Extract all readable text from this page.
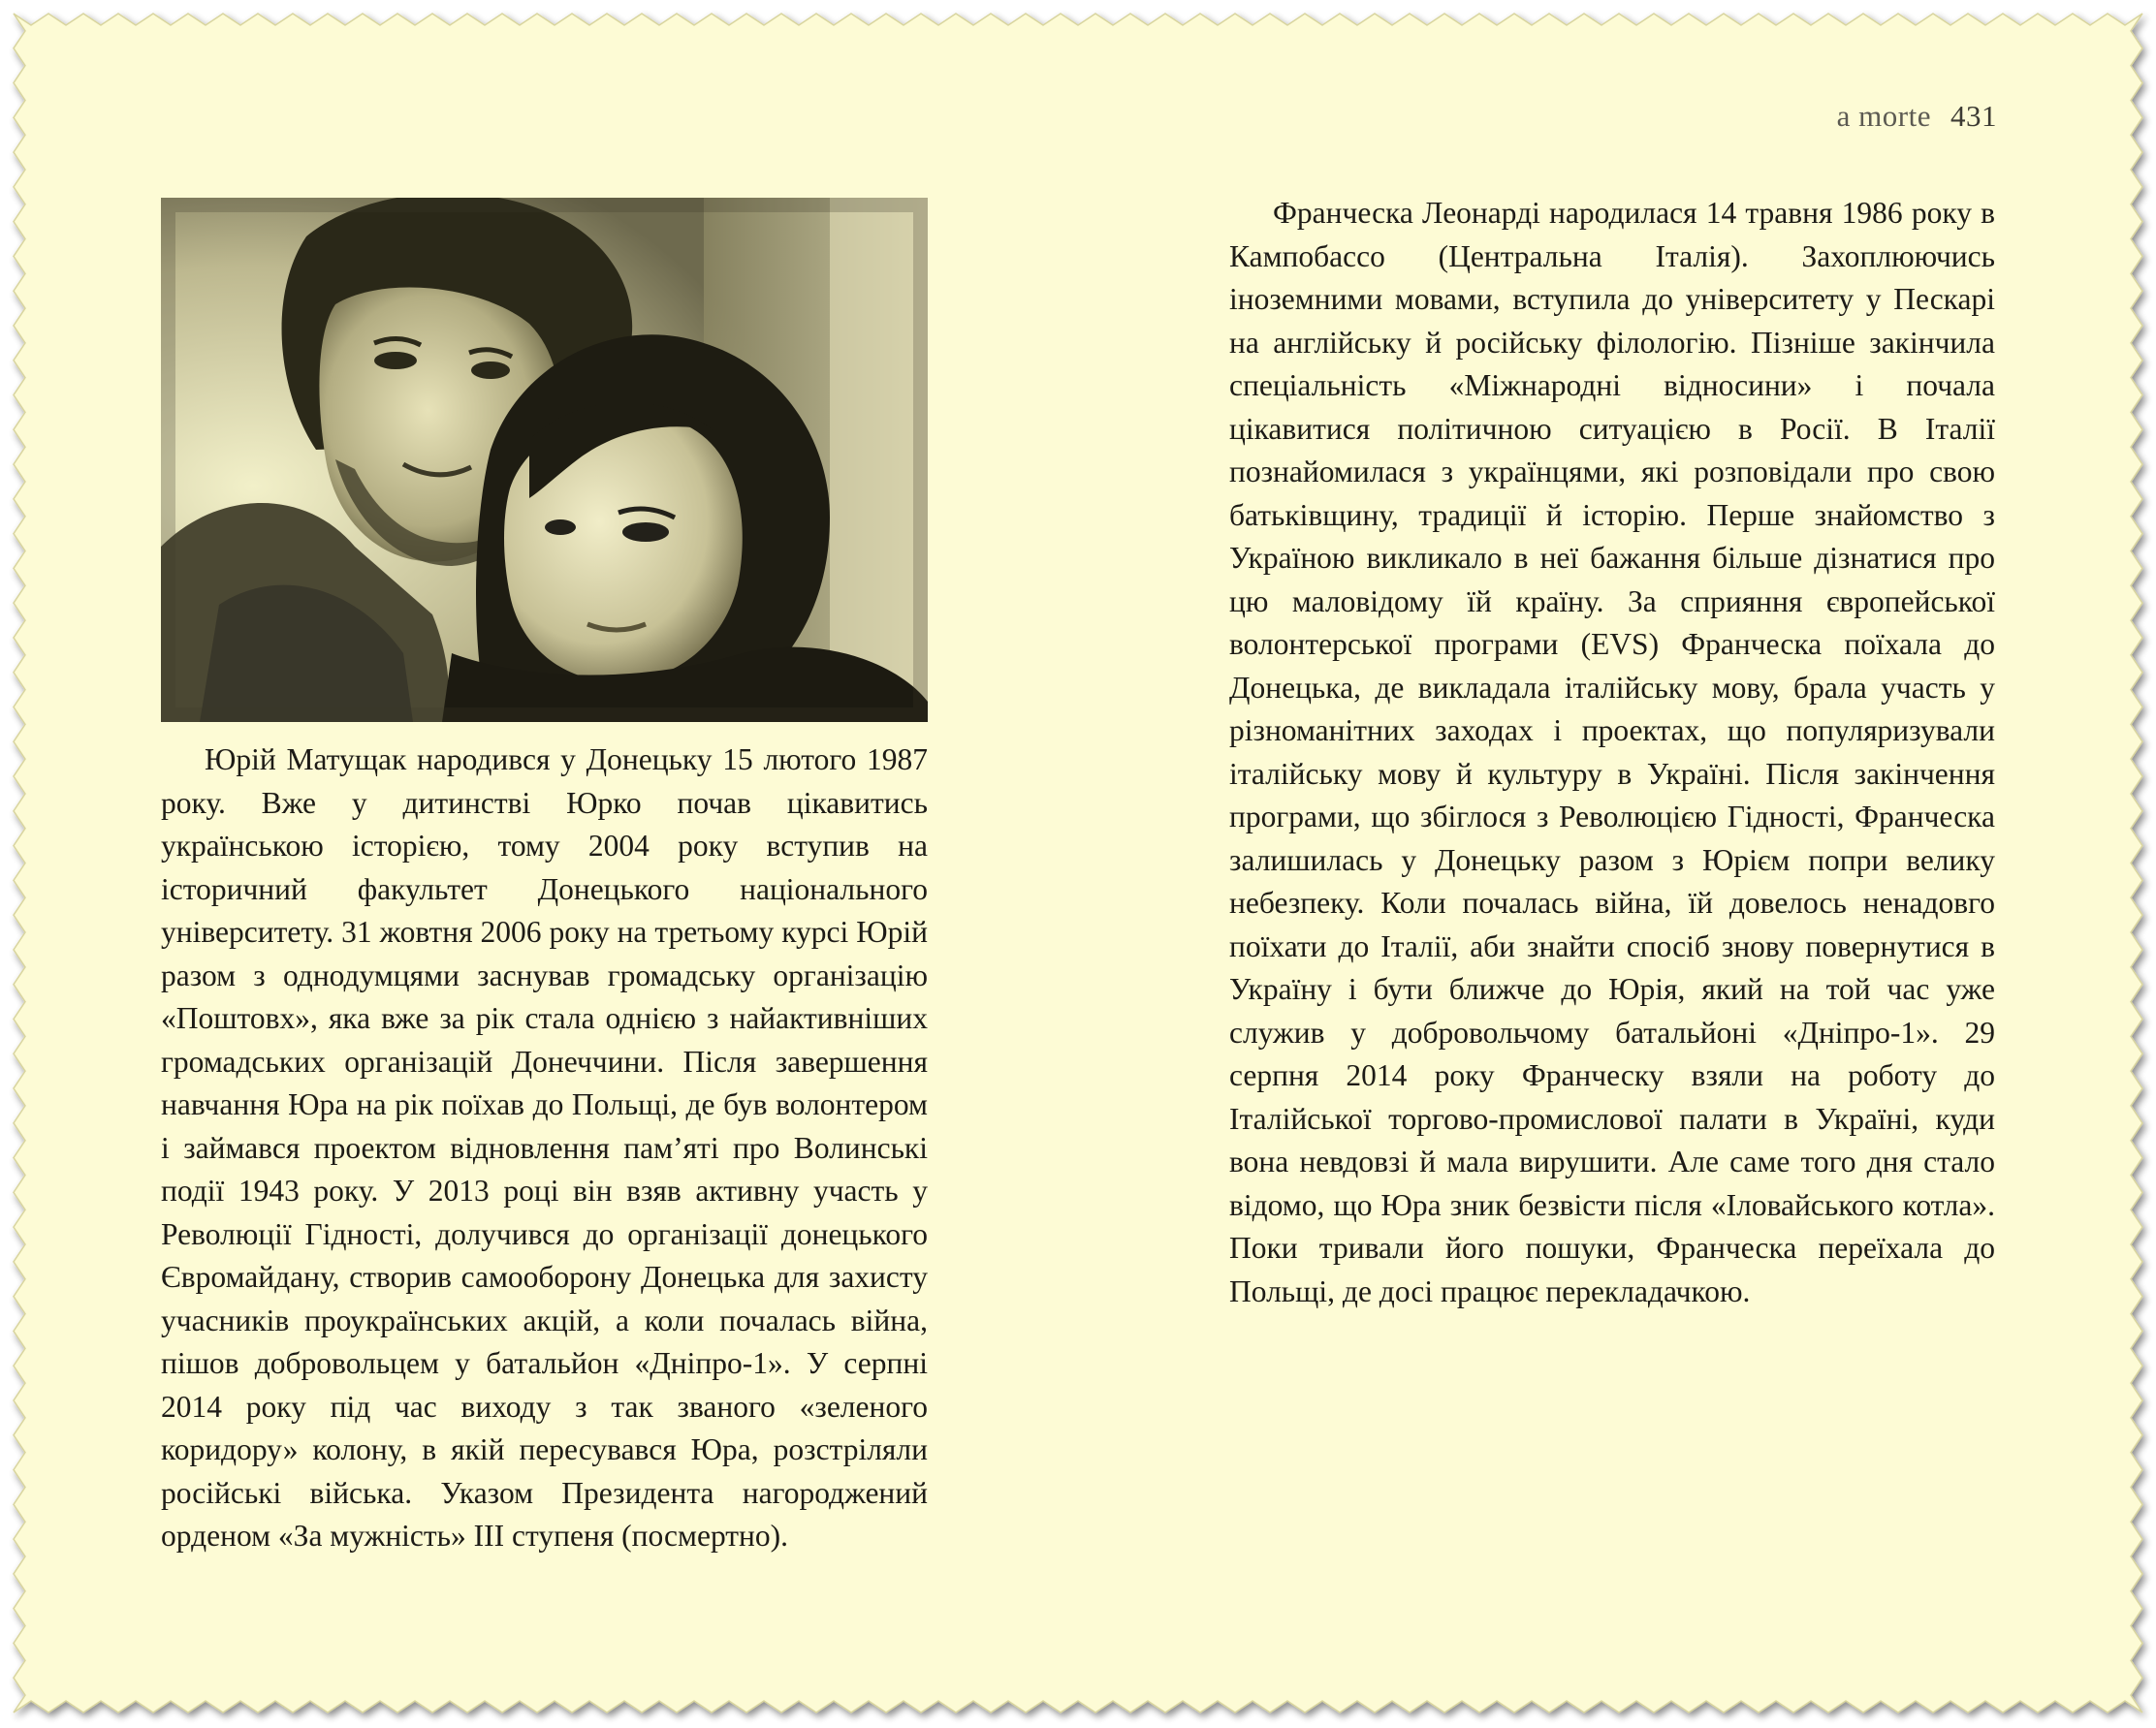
a morte 431

Юрій Матущак народився у Донецьку 15 лютого 1987 року. Вже у дитинстві Юрко почав цікавитись українською історією, тому 2004 року вступив на історичний факультет Донецького національного університету. 31 жовтня 2006 року на третьому курсі Юрій разом з однодумцями заснував громадську організацію «Поштовх», яка вже за рік стала однією з найактивніших громадських організацій Донеччини. Після завершення навчання Юра на рік поїхав до Польщі, де був волонтером і займався проектом відновлення пам’яті про Волинські події 1943 року. У 2013 році він взяв активну участь у Революції Гідності, долучився до організації донецького Євромайдану, створив самооборону Донецька для захисту учасників проукраїнських акцій, а коли почалась війна, пішов добровольцем у батальйон «Дніпро-1». У серпні 2014 року під час виходу з так званого «зеленого коридору» колону, в якій пересувався Юра, розстріляли російські війська. Указом Президента нагороджений орденом «За мужність» ІІІ ступеня (посмертно).

Франческа Леонарді народилася 14 травня 1986 року в Кампобассо (Центральна Італія). Захоплюючись іноземними мовами, вступила до університету у Пескарі на англійську й російську філологію. Пізніше закінчила спеціальність «Міжнародні відносини» і почала цікавитися політичною ситуацією в Росії. В Італії познайомилася з українцями, які розповідали про свою батьківщину, традиції й історію. Перше знайомство з Україною викликало в неї бажання більше дізнатися про цю маловідому їй країну. За сприяння європейської волонтерської програми (EVS) Франческа поїхала до Донецька, де викладала італійську мову, брала участь у різноманітних заходах і проектах, що популяризували італійську мову й культуру в Україні. Після закінчення програми, що збіглося з Революцією Гідності, Франческа залишилась у Донецьку разом з Юрієм попри велику небезпеку. Коли почалась війна, їй довелось ненадовго поїхати до Італії, аби знайти спосіб знову повернутися в Україну і бути ближче до Юрія, який на той час уже служив у добровольчому батальйоні «Дніпро-1». 29 серпня 2014 року Франческу взяли на роботу до Італійської торгово-промислової палати в Україні, куди вона невдовзі й мала вирушити. Але саме того дня стало відомо, що Юра зник безвісти після «Іловайського котла». Поки тривали його пошуки, Франческа переїхала до Польщі, де досі працює перекладачкою.
